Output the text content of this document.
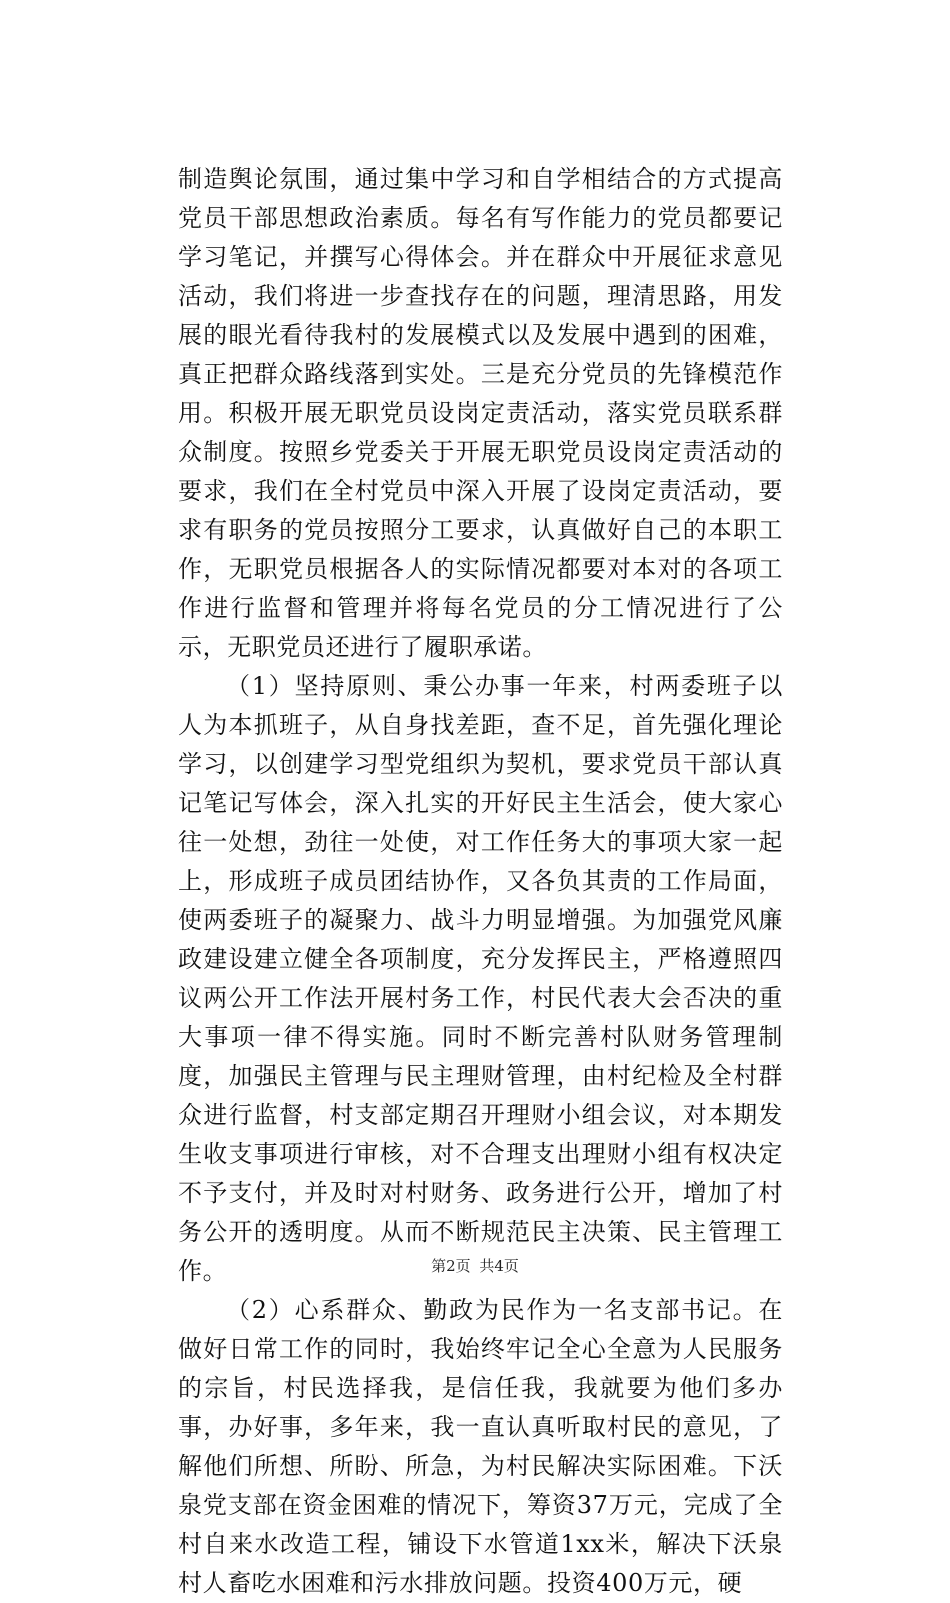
制造舆论氛围，通过集中学习和自学相结合的方式提高党员干部思想政治素质。每名有写作能力的党员都要记学习笔记，并撰写心得体会。并在群众中开展征求意见活动，我们将进一步查找存在的问题，理清思路，用发展的眼光看待我村的发展模式以及发展中遇到的困难，真正把群众路线落到实处。三是充分党员的先锋模范作用。积极开展无职党员设岗定责活动，落实党员联系群众制度。按照乡党委关于开展无职党员设岗定责活动的要求，我们在全村党员中深入开展了设岗定责活动，要求有职务的党员按照分工要求，认真做好自己的本职工作，无职党员根据各人的实际情况都要对本对的各项工作进行监督和管理并将每名党员的分工情况进行了公示，无职党员还进行了履职承诺。

（1）坚持原则、秉公办事一年来，村两委班子以人为本抓班子，从自身找差距，查不足，首先强化理论学习，以创建学习型党组织为契机，要求党员干部认真记笔记写体会，深入扎实的开好民主生活会，使大家心往一处想，劲往一处使，对工作任务大的事项大家一起上，形成班子成员团结协作，又各负其责的工作局面，使两委班子的凝聚力、战斗力明显增强。为加强党风廉政建设建立健全各项制度，充分发挥民主，严格遵照四议两公开工作法开展村务工作，村民代表大会否决的重大事项一律不得实施。同时不断完善村队财务管理制度，加强民主管理与民主理财管理，由村纪检及全村群众进行监督，村支部定期召开理财小组会议，对本期发生收支事项进行审核，对不合理支出理财小组有权决定不予支付，并及时对村财务、政务进行公开，增加了村务公开的透明度。从而不断规范民主决策、民主管理工作。

（2）心系群众、勤政为民作为一名支部书记。在做好日常工作的同时，我始终牢记全心全意为人民服务的宗旨，村民选择我，是信任我，我就要为他们多办事，办好事，多年来，我一直认真听取村民的意见，了解他们所想、所盼、所急，为村民解决实际困难。下沃泉党支部在资金困难的情况下，筹资37万元，完成了全村自来水改造工程，铺设下水管道1xx米，解决下沃泉村人畜吃水困难和污水排放问题。投资400万元，硬

第2页 共4页
